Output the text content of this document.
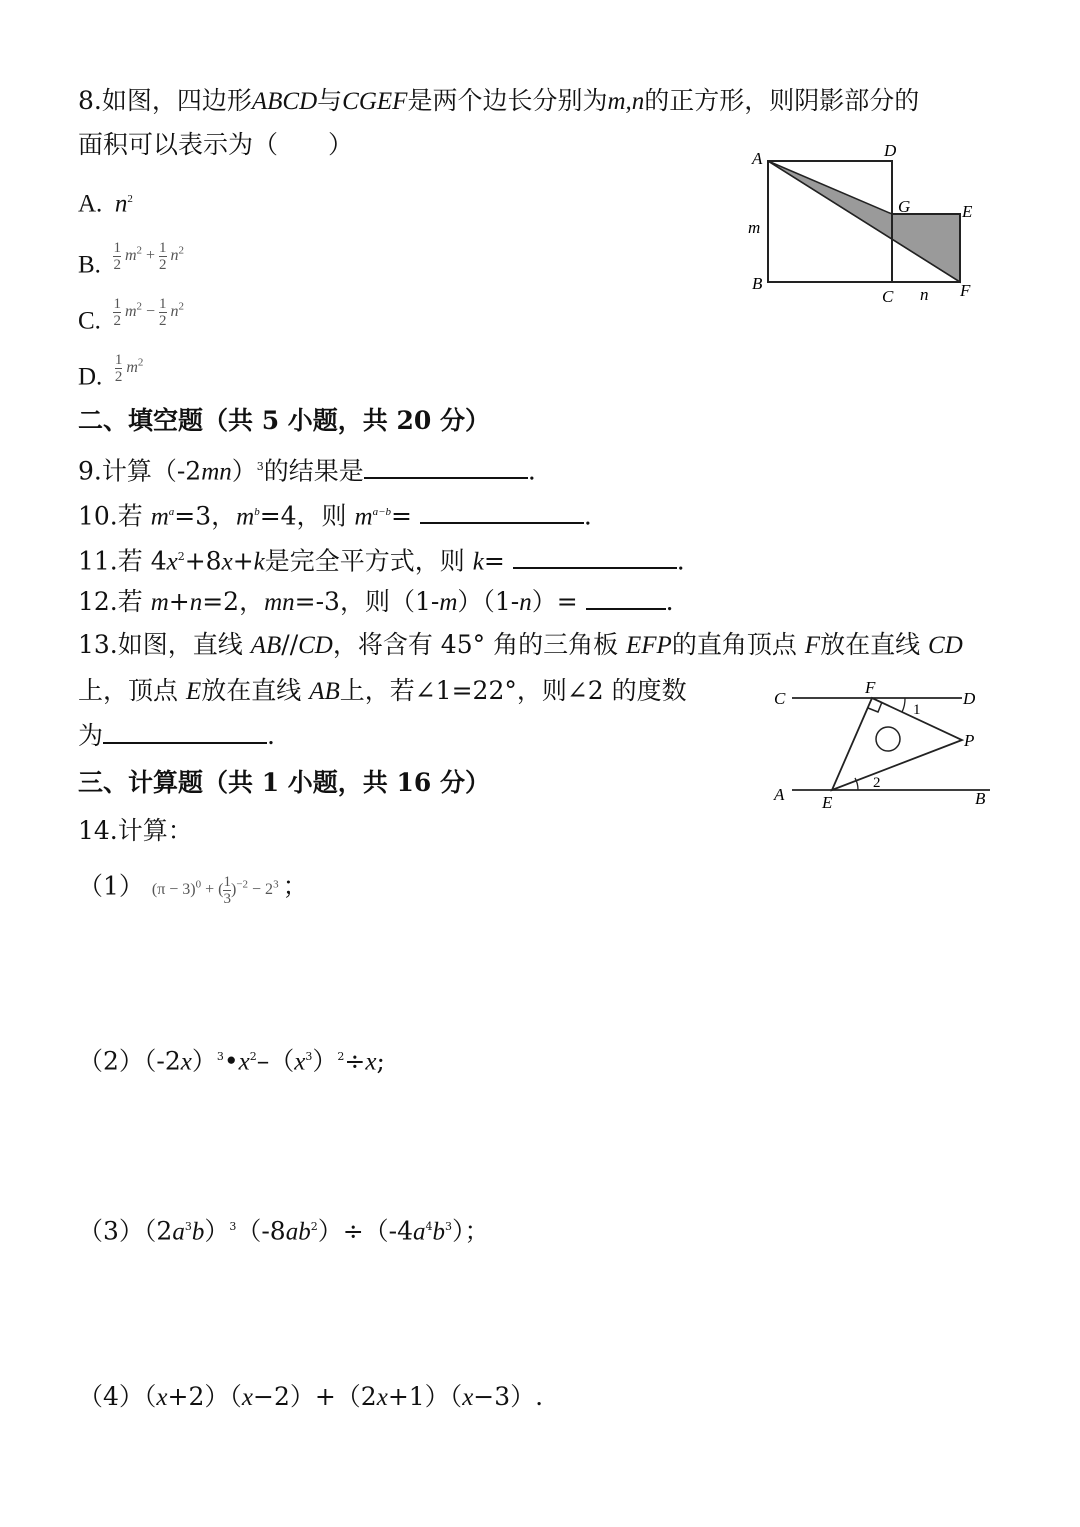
8.如图，四边形ABCD与CGEF是两个边长分别为m,n的正方形，则阴影部分的
面积可以表示为（　　）
A. $n^2$
B. $\frac{1}{2} m^2 + \frac{1}{2} n^2$
C. $\frac{1}{2} m^2 - \frac{1}{2} n^2$
D. $\frac{1}{2} m^2$
A	D
G	E
m
B
C n F
二、填空题（共 5 小题，共 20 分）
9.计算$(-2mn)^3$的结果是	.
10.若 $m^a=3$，$m^b=4$，则 $m^{a-b}=$	.
11.若 $4x^2+8x+k$是完全平方式，则 k=	.
12.若 m+n=2，mn=-3，则（1-m）（1-n）=	.
13.如图，直线 AB//CD，将含有 45° 角的三角板 EFP的直角顶点 F放在直线 CD
上，顶点 E放在直线 AB上，若∠1=22°，则∠2 的度数
为	.
C
F
D
1
P
2
A E	B
三、计算题（共 1 小题，共 16 分）
14.计算：
（1） $(\pi - 3)^0$ + ( $\frac{1}{3} )^{-2} - 2^3$ ；
$(2)(-2x)^3•x^2-(x^3)^2\div x$;
$(3)(2a^3b)^3(-8ab^2)\div(-4a^4b^3)$；
（4）（x+2）（x−2）+（2x+1）（x−3）.
